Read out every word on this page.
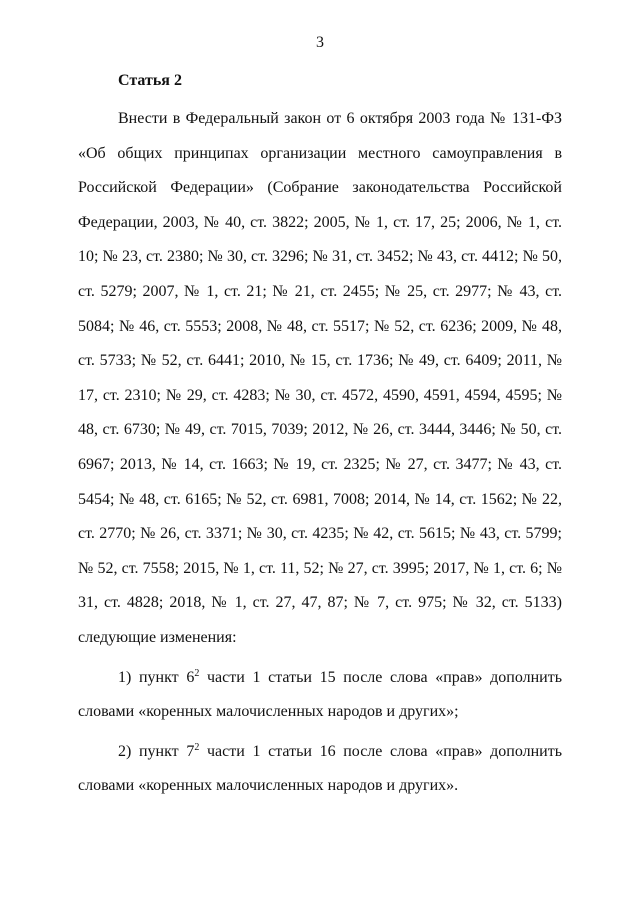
3
Статья 2

Внести в Федеральный закон от 6 октября 2003 года № 131-ФЗ «Об общих принципах организации местного самоуправления в Российской Федерации» (Собрание законодательства Российской Федерации, 2003, № 40, ст. 3822; 2005, № 1, ст. 17, 25; 2006, № 1, ст. 10; № 23, ст. 2380; № 30, ст. 3296; № 31, ст. 3452; № 43, ст. 4412; № 50, ст. 5279; 2007, № 1, ст. 21; № 21, ст. 2455; № 25, ст. 2977; № 43, ст. 5084; № 46, ст. 5553; 2008, № 48, ст. 5517; № 52, ст. 6236; 2009, № 48, ст. 5733; № 52, ст. 6441; 2010, № 15, ст. 1736; № 49, ст. 6409; 2011, № 17, ст. 2310; № 29, ст. 4283; № 30, ст. 4572, 4590, 4591, 4594, 4595; № 48, ст. 6730; № 49, ст. 7015, 7039; 2012, № 26, ст. 3444, 3446; № 50, ст. 6967; 2013, № 14, ст. 1663; № 19, ст. 2325; № 27, ст. 3477; № 43, ст. 5454; № 48, ст. 6165; № 52, ст. 6981, 7008; 2014, № 14, ст. 1562; № 22, ст. 2770; № 26, ст. 3371; № 30, ст. 4235; № 42, ст. 5615; № 43, ст. 5799; № 52, ст. 7558; 2015, № 1, ст. 11, 52; № 27, ст. 3995; 2017, № 1, ст. 6; № 31, ст. 4828; 2018, № 1, ст. 27, 47, 87; № 7, ст. 975; № 32, ст. 5133) следующие изменения:

1) пункт $6^2$ части 1 статьи 15 после слова «прав» дополнить словами «коренных малочисленных народов и других»;

2) пункт $7^2$ части 1 статьи 16 после слова «прав» дополнить словами «коренных малочисленных народов и других».
